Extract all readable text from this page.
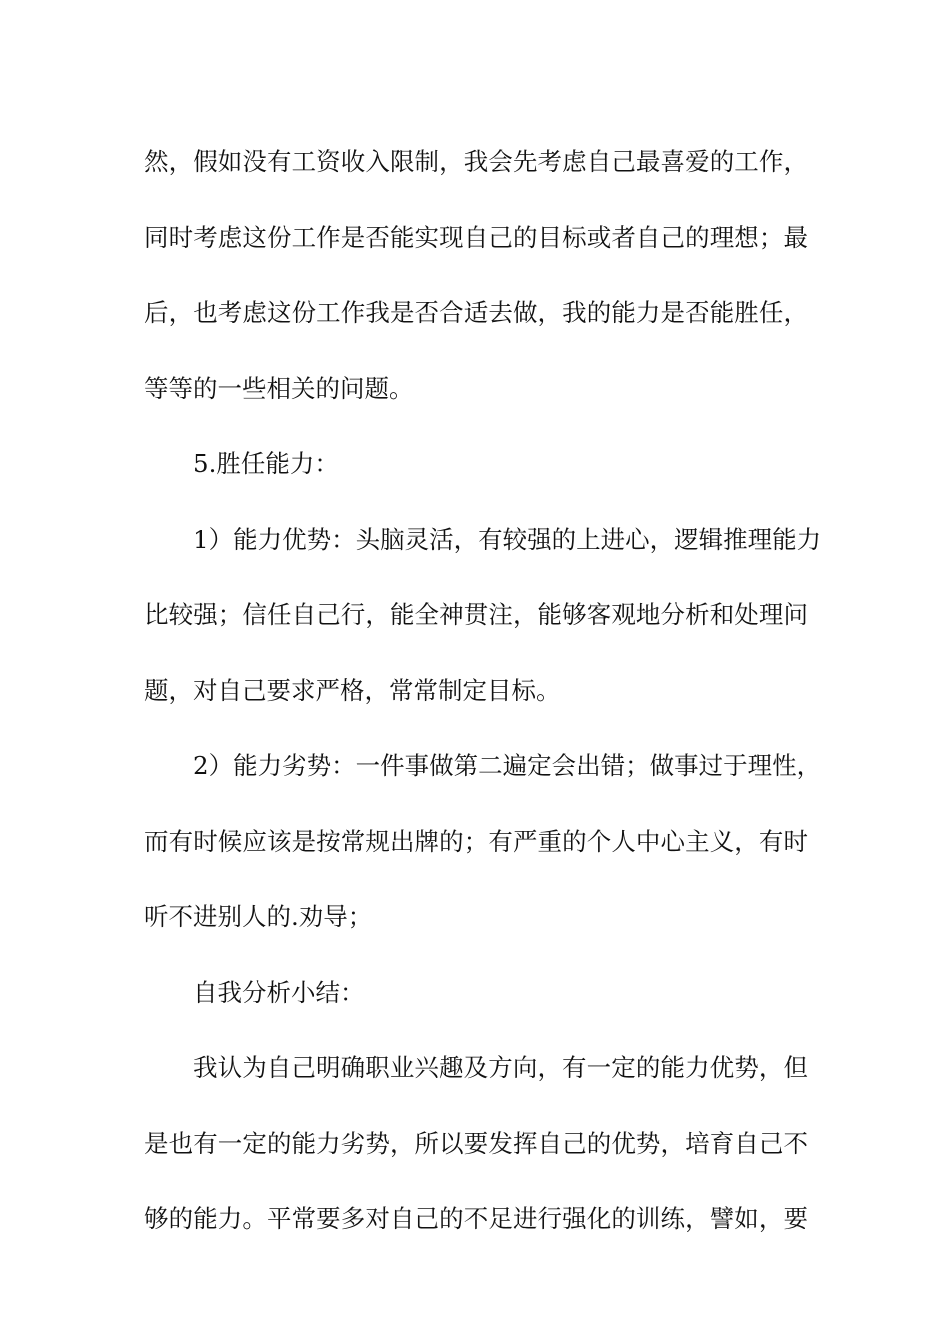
然，假如没有工资收入限制，我会先考虑自己最喜爱的工作，
同时考虑这份工作是否能实现自己的目标或者自己的理想；最
后，也考虑这份工作我是否合适去做，我的能力是否能胜任，
等等的一些相关的问题。
5.胜任能力：
1）能力优势：头脑灵活，有较强的上进心，逻辑推理能力
比较强；信任自己行，能全神贯注，能够客观地分析和处理问
题，对自己要求严格，常常制定目标。
2）能力劣势：一件事做第二遍定会出错；做事过于理性，
而有时候应该是按常规出牌的；有严重的个人中心主义，有时
听不进别人的.劝导；
自我分析小结：
我认为自己明确职业兴趣及方向，有一定的能力优势，但
是也有一定的能力劣势，所以要发挥自己的优势，培育自己不
够的能力。平常要多对自己的不足进行强化的训练，譬如，要
